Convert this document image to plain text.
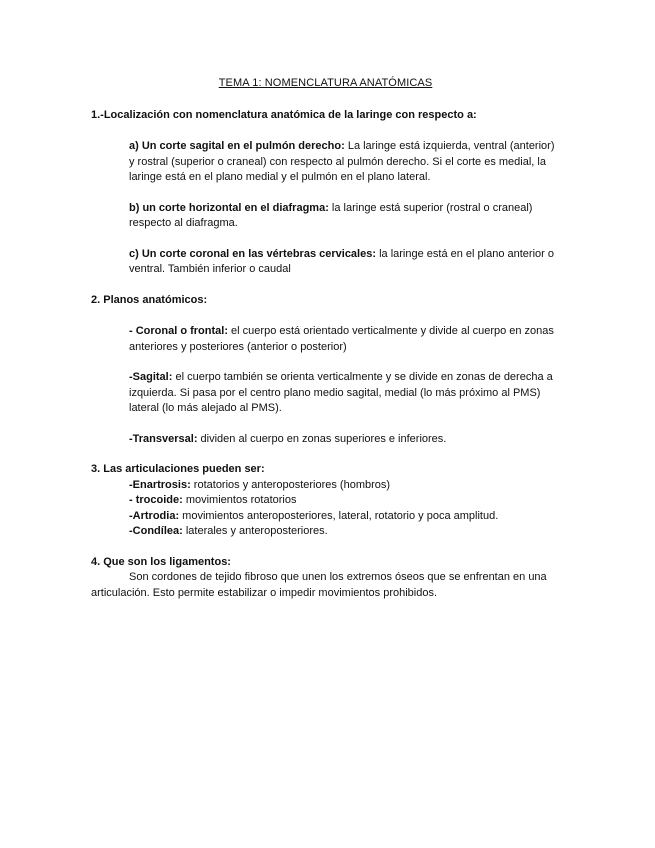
TEMA 1: NOMENCLATURA ANATÓMICAS

1.-Localización con nomenclatura anatómica de la laringe con respecto a:

a) Un corte sagital en el pulmón derecho: La laringe está izquierda, ventral (anterior) y rostral (superior o craneal) con respecto al pulmón derecho. Si el corte es medial, la laringe está en el plano medial y el pulmón en el plano lateral.

b) un corte horizontal en el diafragma: la laringe está superior (rostral o craneal) respecto al diafragma.

c) Un corte coronal en las vértebras cervicales: la laringe está en el plano anterior o ventral. También inferior o caudal

2. Planos anatómicos:

- Coronal o frontal: el cuerpo está orientado verticalmente y divide al cuerpo en zonas anteriores y posteriores (anterior o posterior)

-Sagital: el cuerpo también se orienta verticalmente y se divide en zonas de derecha a izquierda. Si pasa por el centro plano medio sagital, medial (lo más próximo al PMS) lateral (lo más alejado al PMS).

-Transversal: dividen al cuerpo en zonas superiores e inferiores.

3. Las articulaciones pueden ser:

-Enartrosis: rotatorios y anteroposteriores (hombros)

- trocoide: movimientos rotatorios

-Artrodia: movimientos anteroposteriores, lateral, rotatorio y poca amplitud.

-Condílea: laterales y anteroposteriores.

4. Que son los ligamentos:

Son cordones de tejido fibroso que unen los extremos óseos que se enfrentan en una articulación. Esto permite estabilizar o impedir movimientos prohibidos.
